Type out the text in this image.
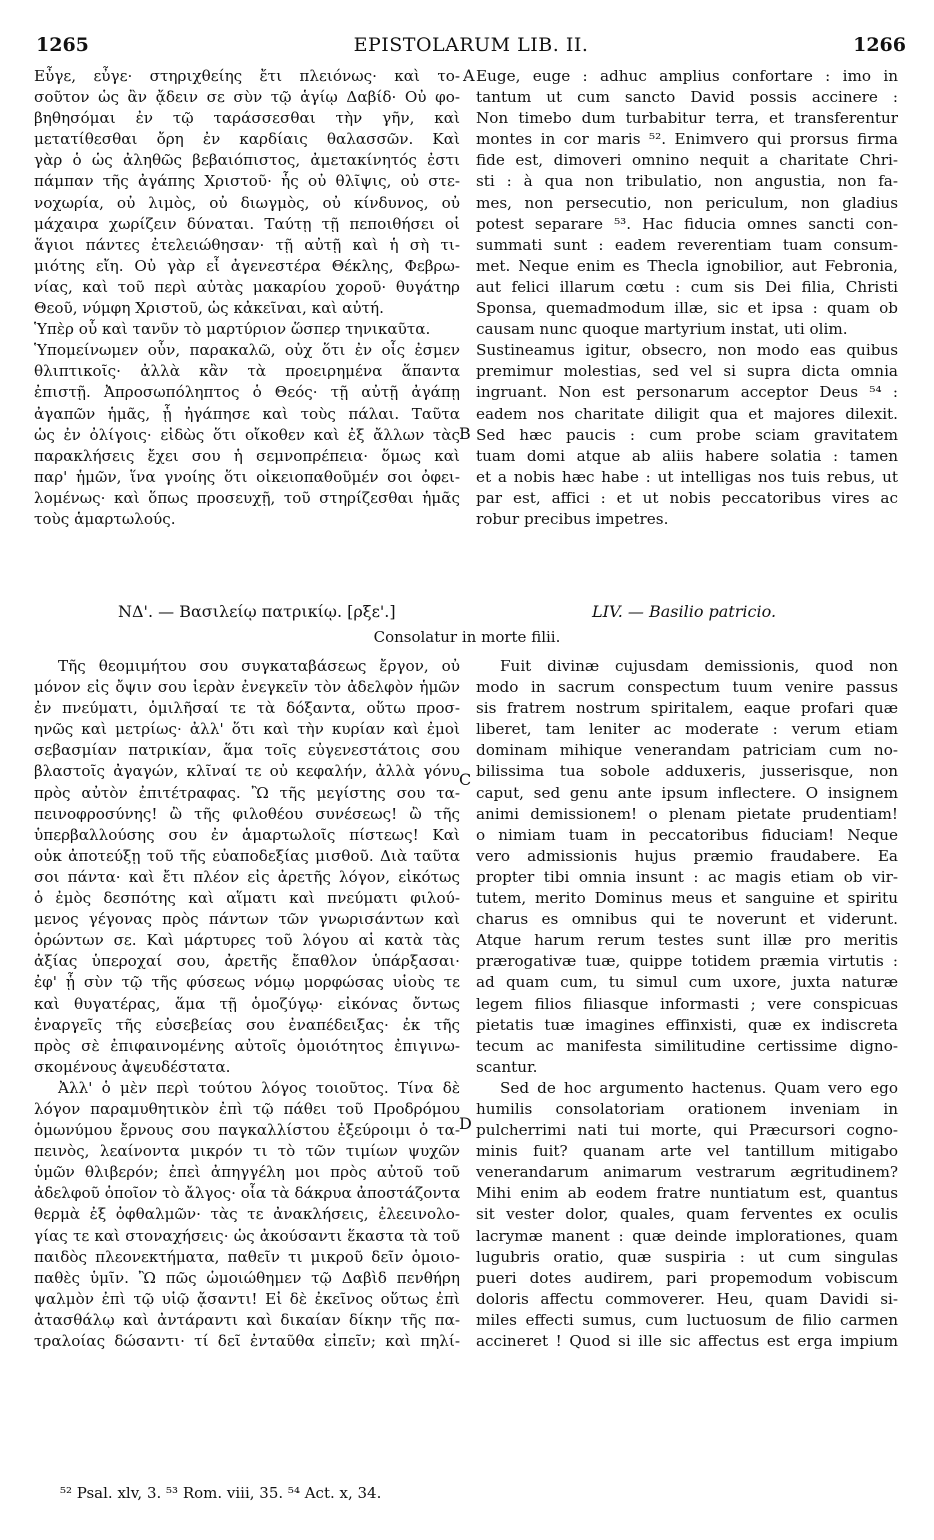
1265	EPISTOLARUM LIB. II.	1266
Εὖγε, εὖγε· στηριχθείης ἔτι πλειόνως· καὶ το-
σοῦτον ὡς ἂν ᾄδειν σε σὺν τῷ ἁγίῳ Δαβίδ· Οὐ φο-
βηθησόμαι ἐν τῷ ταράσσεσθαι τὴν γῆν, καὶ
μετατίθεσθαι ὄρη ἐν καρδίαις θαλασσῶν. Καὶ
γὰρ ὁ ὡς ἀληθῶς βεβαιόπιστος, ἀμετακίνητός ἐστι
πάμπαν τῆς ἀγάπης Χριστοῦ· ἧς οὐ θλῖψις, οὐ στε-
νοχωρία, οὐ λιμὸς, οὐ διωγμὸς, οὐ κίνδυνος, οὐ
μάχαιρα χωρίζειν δύναται. Ταύτῃ τῇ πεποιθήσει οἱ
ἅγιοι πάντες ἐτελειώθησαν· τῇ αὐτῇ καὶ ἡ σὴ τι-
μιότης εἴη. Οὐ γὰρ εἶ ἀγενεστέρα Θέκλης, Φεβρω-
νίας, καὶ τοῦ περὶ αὐτὰς μακαρίου χοροῦ· θυγάτηρ
Θεοῦ, νύμφη Χριστοῦ, ὡς κἀκεῖναι, καὶ αὐτή.
Ὑπὲρ οὗ καὶ τανῦν τὸ μαρτύριον ὥσπερ τηνικαῦτα.
Ὑπομείνωμεν οὖν, παρακαλῶ, οὐχ ὅτι ἐν οἷς ἐσμεν
θλιπτικοῖς· ἀλλὰ κἂν τὰ προειρημένα ἅπαντα
ἐπιστῇ. Ἀπροσωπόληπτος ὁ Θεός· τῇ αὐτῇ ἀγάπῃ
ἀγαπῶν ἡμᾶς, ᾗ ἠγάπησε καὶ τοὺς πάλαι. Ταῦτα
ὡς ἐν ὀλίγοις· εἰδὼς ὅτι οἴκοθεν καὶ ἐξ ἄλλων τὰς
παρακλήσεις ἔχει σου ἡ σεμνοπρέπεια· ὅμως καὶ
παρ' ἡμῶν, ἵνα γνοίης ὅτι οἰκειοπαθοῦμέν σοι ὀφει-
λομένως· καὶ ὅπως προσευχῇ, τοῦ στηρίζεσθαι ἡμᾶς
τοὺς ἁμαρτωλούς.
Euge, euge : adhuc amplius confortare : imo in
tantum ut cum sancto David possis accinere :
Non timebo dum turbabitur terra, et transferentur
montes in cor maris ⁵². Enimvero qui prorsus firma
fide est, dimoveri omnino nequit a charitate Chri-
sti : à qua non tribulatio, non angustia, non fa-
mes, non persecutio, non periculum, non gladius
potest separare ⁵³. Hac fiducia omnes sancti con-
summati sunt : eadem reverentiam tuam consum-
met. Neque enim es Thecla ignobilior, aut Febronia,
aut felici illarum cœtu : cum sis Dei filia, Christi
Sponsa, quemadmodum illæ, sic et ipsa : quam ob
causam nunc quoque martyrium instat, uti olim.
Sustineamus igitur, obsecro, non modo eas quibus
premimur molestias, sed vel si supra dicta omnia
ingruant. Non est personarum acceptor Deus ⁵⁴ :
eadem nos charitate diligit qua et majores dilexit.
Sed hæc paucis : cum probe sciam gravitatem
tuam domi atque ab aliis habere solatia : tamen
et a nobis hæc habe : ut intelligas nos tuis rebus, ut
par est, affici : et ut nobis peccatoribus vires ac
robur precibus impetres.
ΝΔ'. — Βασιλείῳ πατρικίῳ. [ρξε'.]	LIV. — Basilio patricio.
Consolatur in morte filii.
Τῆς θεομιμήτου σου συγκαταβάσεως ἔργον, οὐ
μόνον εἰς ὄψιν σου ἱερὰν ἐνεγκεῖν τὸν ἀδελφὸν ἡμῶν
ἐν πνεύματι, ὁμιλῆσαί τε τὰ δόξαντα, οὕτω προσ-
ηνῶς καὶ μετρίως· ἀλλ' ὅτι καὶ τὴν κυρίαν καὶ ἐμοὶ
σεβασμίαν πατρικίαν, ἅμα τοῖς εὐγενεστάτοις σου
βλαστοῖς ἀγαγών, κλῖναί τε οὐ κεφαλήν, ἀλλὰ γόνυ
πρὸς αὐτὸν ἐπιτέτραφας. Ὢ τῆς μεγίστης σου τα-
πεινοφροσύνης! ὢ τῆς φιλοθέου συνέσεως! ὢ τῆς
ὑπερβαλλούσης σου ἐν ἁμαρτωλοῖς πίστεως! Καὶ
οὐκ ἀποτεύξῃ τοῦ τῆς εὐαποδεξίας μισθοῦ. Διὰ ταῦτα
σοι πάντα· καὶ ἔτι πλέον εἰς ἀρετῆς λόγον, εἰκότως
ὁ ἐμὸς δεσπότης καὶ αἵματι καὶ πνεύματι φιλού-
μενος γέγονας πρὸς πάντων τῶν γνωρισάντων καὶ
ὁρώντων σε. Καὶ μάρτυρες τοῦ λόγου αἱ κατὰ τὰς
ἀξίας ὑπεροχαί σου, ἀρετῆς ἔπαθλον ὑπάρξασαι·
ἐφ' ᾗ σὺν τῷ τῆς φύσεως νόμῳ μορφώσας υἱοὺς τε
καὶ θυγατέρας, ἅμα τῇ ὁμοζύγῳ· εἰκόνας ὄντως
ἐναργεῖς τῆς εὐσεβείας σου ἐναπέδειξας· ἐκ τῆς
πρὸς σὲ ἐπιφαινομένης αὐτοῖς ὁμοιότητος ἐπιγινω-
σκομένους ἀψευδέστατα.
Ἀλλ' ὁ μὲν περὶ τούτου λόγος τοιοῦτος. Τίνα δὲ
λόγον παραμυθητικὸν ἐπὶ τῷ πάθει τοῦ Προδρόμου
ὁμωνύμου ἔρνους σου παγκαλλίστου ἐξεύροιμι ὁ τα-
πεινὸς, λεαίνοντα μικρόν τι τὸ τῶν τιμίων ψυχῶν
ὑμῶν θλιβερόν; ἐπεὶ ἀπηγγέλη μοι πρὸς αὐτοῦ τοῦ
ἀδελφοῦ ὁποῖον τὸ ἄλγος· οἷα τὰ δάκρυα ἀποστάζοντα
θερμὰ ἐξ ὀφθαλμῶν· τὰς τε ἀνακλήσεις, ἐλεεινολο-
γίας τε καὶ στοναχήσεις· ὡς ἀκούσαντι ἕκαστα τὰ τοῦ
παιδὸς πλεονεκτήματα, παθεῖν τι μικροῦ δεῖν ὁμοιο-
παθὲς ὑμῖν. Ὢ πῶς ὡμοιώθημεν τῷ Δαβὶδ πενθήρη
ψαλμὸν ἐπὶ τῷ υἱῷ ᾄσαντι! Εἰ δὲ ἐκεῖνος οὕτως ἐπὶ
ἀτασθάλῳ καὶ ἀντάραντι καὶ δικαίαν δίκην τῆς πα-
τραλοίας δώσαντι· τί δεῖ ἐνταῦθα εἰπεῖν; καὶ πηλί-
Fuit divinæ cujusdam demissionis, quod non
modo in sacrum conspectum tuum venire passus
sis fratrem nostrum spiritalem, eaque profari quæ
liberet, tam leniter ac moderate : verum etiam
dominam mihique venerandam patriciam cum no-
bilissima tua sobole adduxeris, jusserisque, non
caput, sed genu ante ipsum inflectere. O insignem
animi demissionem! o plenam pietate prudentiam!
o nimiam tuam in peccatoribus fiduciam! Neque
vero admissionis hujus præmio fraudabere. Ea
propter tibi omnia insunt : ac magis etiam ob vir-
tutem, merito Dominus meus et sanguine et spiritu
charus es omnibus qui te noverunt et viderunt.
Atque harum rerum testes sunt illæ pro meritis
prærogativæ tuæ, quippe totidem præmia virtutis :
ad quam cum, tu simul cum uxore, juxta naturæ
legem filios filiasque informasti ; vere conspicuas
pietatis tuæ imagines effinxisti, quæ ex indiscreta
tecum ac manifesta similitudine certissime digno-
scantur.
Sed de hoc argumento hactenus. Quam vero ego
humilis consolatoriam orationem inveniam in
pulcherrimi nati tui morte, qui Præcursori cogno-
minis fuit? quanam arte vel tantillum mitigabo
venerandarum animarum vestrarum ægritudinem?
Mihi enim ab eodem fratre nuntiatum est, quantus
sit vester dolor, quales, quam ferventes ex oculis
lacrymæ manent : quæ deinde implorationes, quam
lugubris oratio, quæ suspiria : ut cum singulas
pueri dotes audirem, pari propemodum vobiscum
doloris affectu commoverer. Heu, quam Davidi si-
miles effecti sumus, cum luctuosum de filio carmen
accineret ! Quod si ille sic affectus est erga impium
A
B
C
D
⁵² Psal. xlv, 3. ⁵³ Rom. viii, 35. ⁵⁴ Act. x, 34.
